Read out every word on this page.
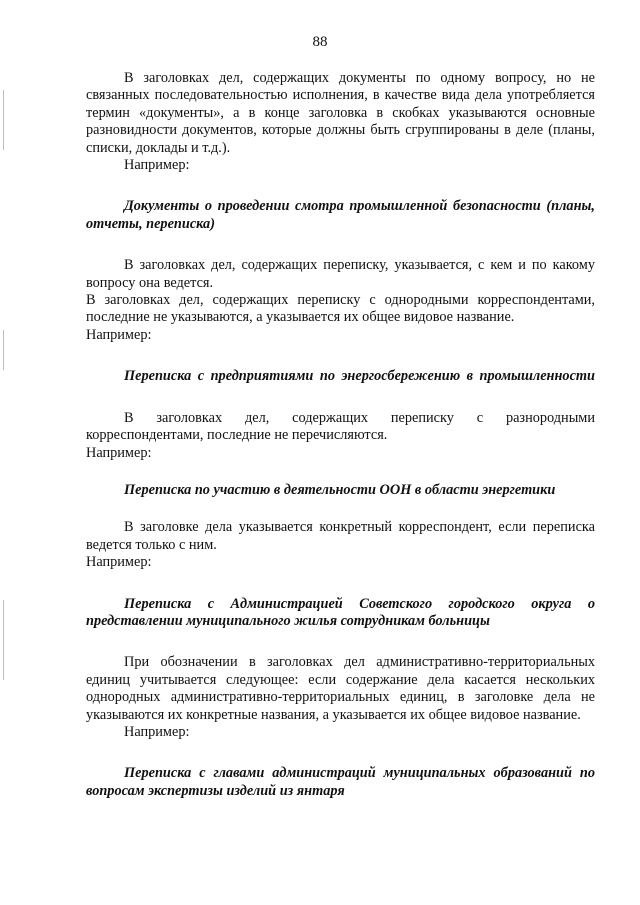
88

В заголовках дел, содержащих документы по одному вопросу, но не связанных последовательностью исполнения, в качестве вида дела употребляется термин «документы», а в конце заголовка в скобках указываются основные разновидности документов, которые должны быть сгруппированы в деле (планы, списки, доклады и т.д.).

Например:

Документы о проведении смотра промышленной безопасности (планы, отчеты, переписка)

В заголовках дел, содержащих переписку, указывается, с кем и по какому вопросу она ведется.

В заголовках дел, содержащих переписку с однородными корреспондентами, последние не указываются, а указывается их общее видовое название.

Например:

Переписка с предприятиями по энергосбережению в промышленности

В заголовках дел, содержащих переписку с разнородными корреспондентами, последние не перечисляются.

Например:

Переписка по участию в деятельности ООН в области энергетики

В заголовке дела указывается конкретный корреспондент, если переписка ведется только с ним.

Например:

Переписка с Администрацией Советского городского округа о представлении муниципального жилья сотрудникам больницы

При обозначении в заголовках дел административно-территориальных единиц учитывается следующее: если содержание дела касается нескольких однородных административно-территориальных единиц, в заголовке дела не указываются их конкретные названия, а указывается их общее видовое название.

Например:

Переписка с главами администраций муниципальных образований по вопросам экспертизы изделий из янтаря
